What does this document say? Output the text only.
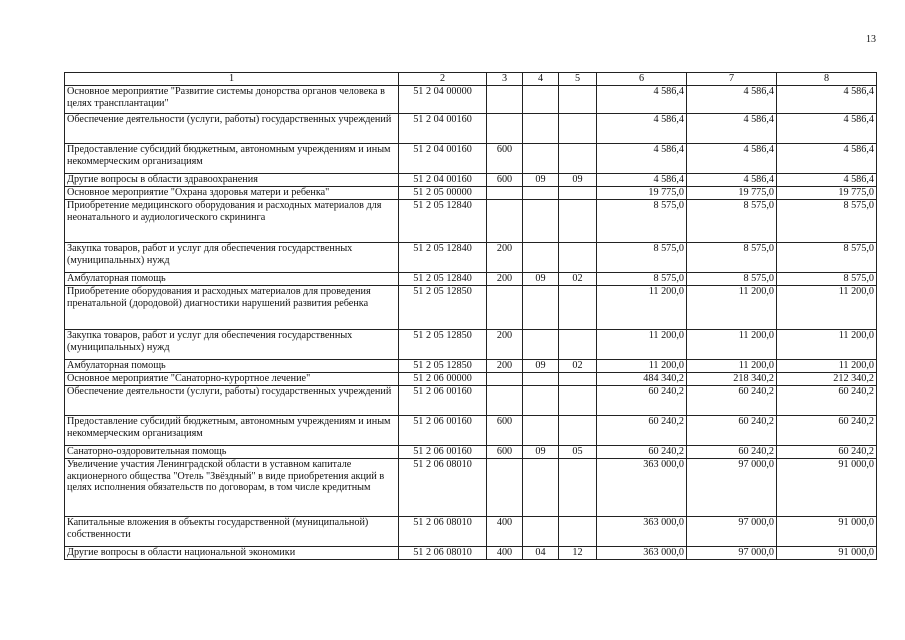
13
1	2	3	4	5	6	7	8
Основное мероприятие "Развитие системы донорства органов человека в целях трансплантации"	51 2 04 00000				4 586,4	4 586,4	4 586,4
Обеспечение деятельности (услуги, работы) государственных учреждений	51 2 04 00160				4 586,4	4 586,4	4 586,4
Предоставление субсидий бюджетным, автономным учреждениям и иным некоммерческим организациям	51 2 04 00160	600			4 586,4	4 586,4	4 586,4
Другие вопросы в области здравоохранения	51 2 04 00160	600	09	09	4 586,4	4 586,4	4 586,4
Основное мероприятие "Охрана здоровья матери и ребенка"	51 2 05 00000				19 775,0	19 775,0	19 775,0
Приобретение медицинского оборудования и расходных материалов для неонатального и аудиологического скрининга	51 2 05 12840				8 575,0	8 575,0	8 575,0
Закупка товаров, работ и услуг для обеспечения государственных (муниципальных) нужд	51 2 05 12840	200			8 575,0	8 575,0	8 575,0
Амбулаторная помощь	51 2 05 12840	200	09	02	8 575,0	8 575,0	8 575,0
Приобретение оборудования и расходных материалов для проведения пренатальной (дородовой) диагностики нарушений развития ребенка	51 2 05 12850				11 200,0	11 200,0	11 200,0
Закупка товаров, работ и услуг для обеспечения государственных (муниципальных) нужд	51 2 05 12850	200			11 200,0	11 200,0	11 200,0
Амбулаторная помощь	51 2 05 12850	200	09	02	11 200,0	11 200,0	11 200,0
Основное мероприятие "Санаторно-курортное лечение"	51 2 06 00000				484 340,2	218 340,2	212 340,2
Обеспечение деятельности (услуги, работы) государственных учреждений	51 2 06 00160				60 240,2	60 240,2	60 240,2
Предоставление субсидий бюджетным, автономным учреждениям и иным некоммерческим организациям	51 2 06 00160	600			60 240,2	60 240,2	60 240,2
Санаторно-оздоровительная помощь	51 2 06 00160	600	09	05	60 240,2	60 240,2	60 240,2
Увеличение участия Ленинградской области в уставном капитале акционерного общества "Отель "Звёздный" в виде приобретения акций в целях исполнения обязательств по договорам, в том числе кредитным	51 2 06 08010				363 000,0	97 000,0	91 000,0
Капитальные вложения в объекты государственной (муниципальной) собственности	51 2 06 08010	400			363 000,0	97 000,0	91 000,0
Другие вопросы в области национальной экономики	51 2 06 08010	400	04	12	363 000,0	97 000,0	91 000,0
